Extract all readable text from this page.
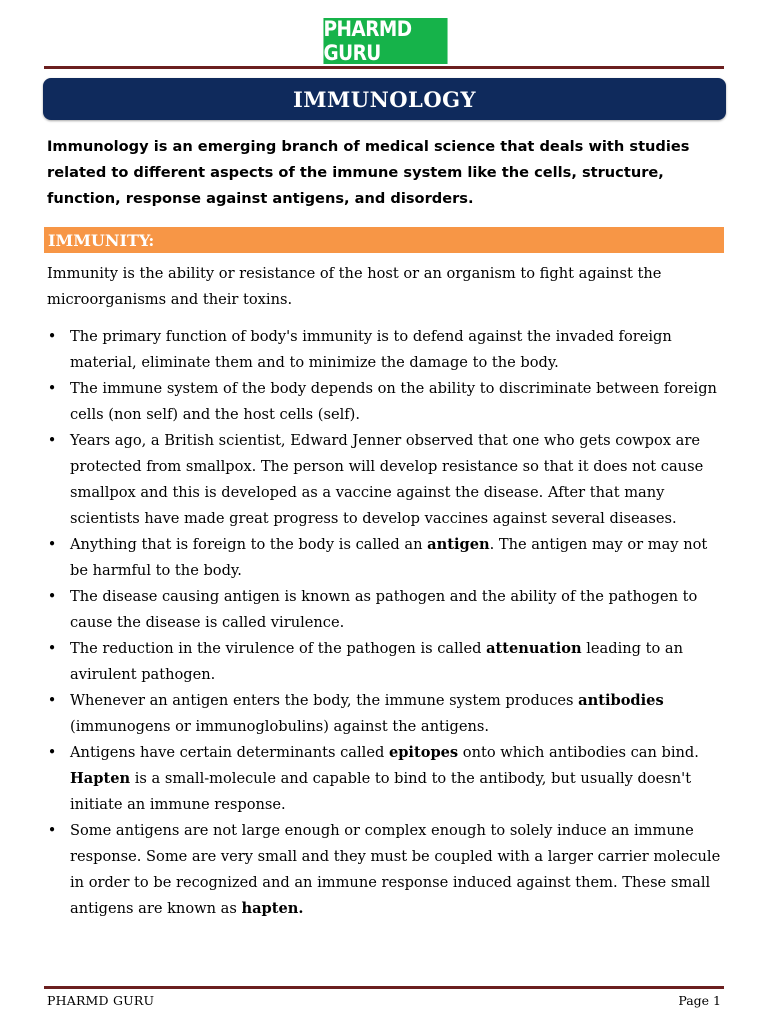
PHARMD GURU
IMMUNOLOGY

Immunology is an emerging branch of medical science that deals with studies related to different aspects of the immune system like the cells, structure, function, response against antigens, and disorders.

IMMUNITY:

Immunity is the ability or resistance of the host or an organism to fight against the microorganisms and their toxins.

• The primary function of body's immunity is to defend against the invaded foreign material, eliminate them and to minimize the damage to the body.
• The immune system of the body depends on the ability to discriminate between foreign cells (non self) and the host cells (self).
• Years ago, a British scientist, Edward Jenner observed that one who gets cowpox are protected from smallpox. The person will develop resistance so that it does not cause smallpox and this is developed as a vaccine against the disease. After that many scientists have made great progress to develop vaccines against several diseases.
• Anything that is foreign to the body is called an antigen. The antigen may or may not be harmful to the body.
• The disease causing antigen is known as pathogen and the ability of the pathogen to cause the disease is called virulence.
• The reduction in the virulence of the pathogen is called attenuation leading to an avirulent pathogen.
• Whenever an antigen enters the body, the immune system produces antibodies (immunogens or immunoglobulins) against the antigens.
• Antigens have certain determinants called epitopes onto which antibodies can bind. Hapten is a small-molecule and capable to bind to the antibody, but usually doesn't initiate an immune response.
• Some antigens are not large enough or complex enough to solely induce an immune response. Some are very small and they must be coupled with a larger carrier molecule in order to be recognized and an immune response induced against them. These small antigens are known as hapten.
PHARMD GURU	Page 1
